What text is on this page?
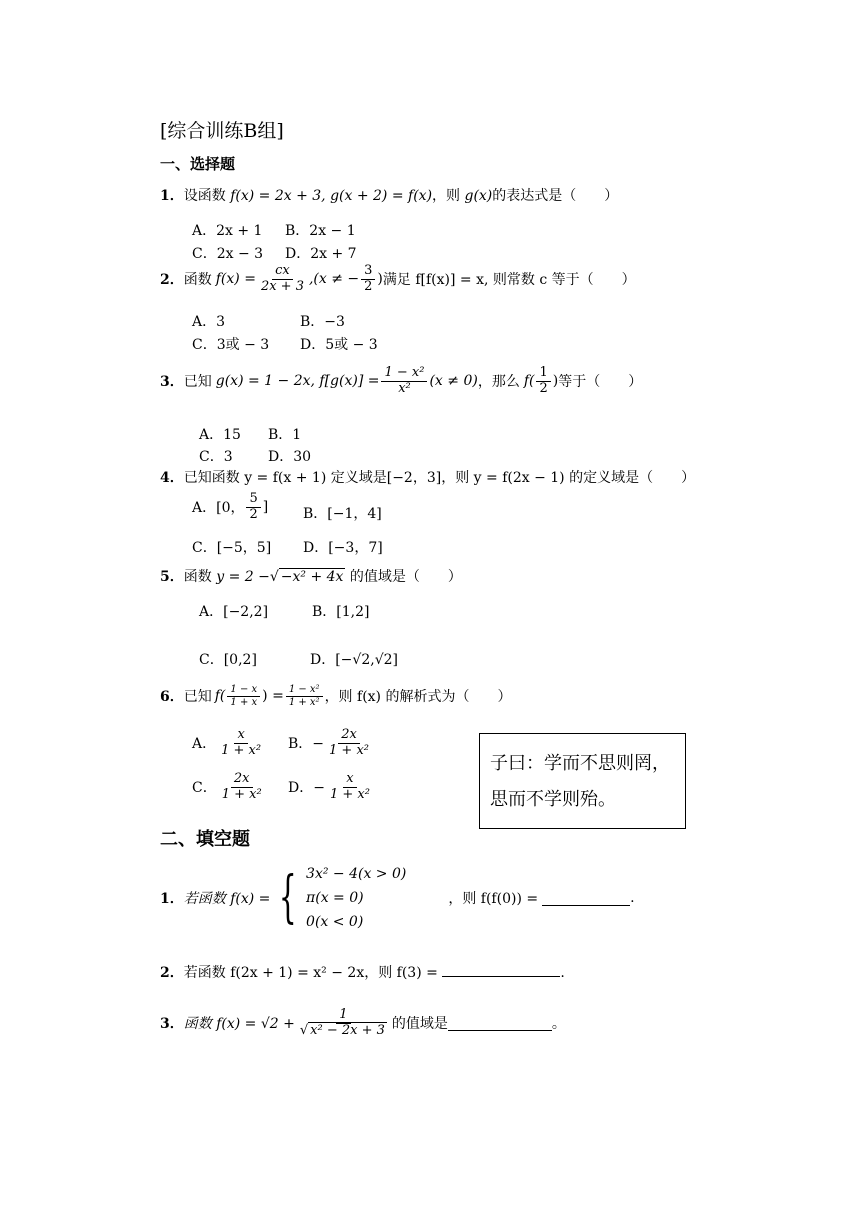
[综合训练B组]
一、选择题
1．设函数 f(x) = 2x + 3, g(x + 2) = f(x)，则 g(x)的表达式是（　　）
A．2x + 1 B．2x − 1
C．2x − 3 D．2x + 7
2． 函数 $f(x) = \frac{cx}{2x + 3} ,(x$ ≠ − $\frac{3}{2}$ ) 满足 f[f(x)] = x, 则常数 c 等于（　　）
A．3	B．−3
C．3或 − 3 D．5或 − 3
3． 已知 g(x) = 1 − 2x, $f[g(x)] = \frac{\text{1 − x²}}{\text{x²}} (x \ne 0)$ ，那么 $f( \frac{1}{2}$ ) 等于（　　）
A．15 B．1
C．3	D．30
4．已知函数 y = f(x + 1) 定义域是[−2，3]，则 y = f(2x − 1) 的定义域是（　　）
A．[0， $\frac{5}{2}$ ] B．[−1，4]
C．[−5，5] D．[−3，7]
5．函数 y = 2 −√ −x² + 4x 的值域是（　　）
A．[−2,2]	B．[1,2]
C．[0,2]	D．[−√2,√2]
6． 已知 $f( \frac{1 - x}{1 + x}$ ) = $\frac{\text{1 − x²}}{\text{1 + x²}}$ ，则 f(x) 的解析式为（　　）
A． $\frac{x}{\text{1 + x²}}$ B．− $\frac{2x}{\text{1 + x²}}$
C． $\frac{2x}{\text{1 + x²}}$ D．− $\frac{x}{\text{1 + x²}}$
子曰：学而不思则罔，
思而不学则殆。
二、填空题
1． 若函数 f(x) = { 3x² − 4(x > 0)
π(x = 0)
0(x < 0)
，则 f(f(0)) =	.
2．若函数 f(2x + 1) = x² − 2x，则 f(3) =	.
3． 函数 $f(x) = √2 + \frac{1}{\text{√ x² − 2x + 3}}$ 的值域是	。
